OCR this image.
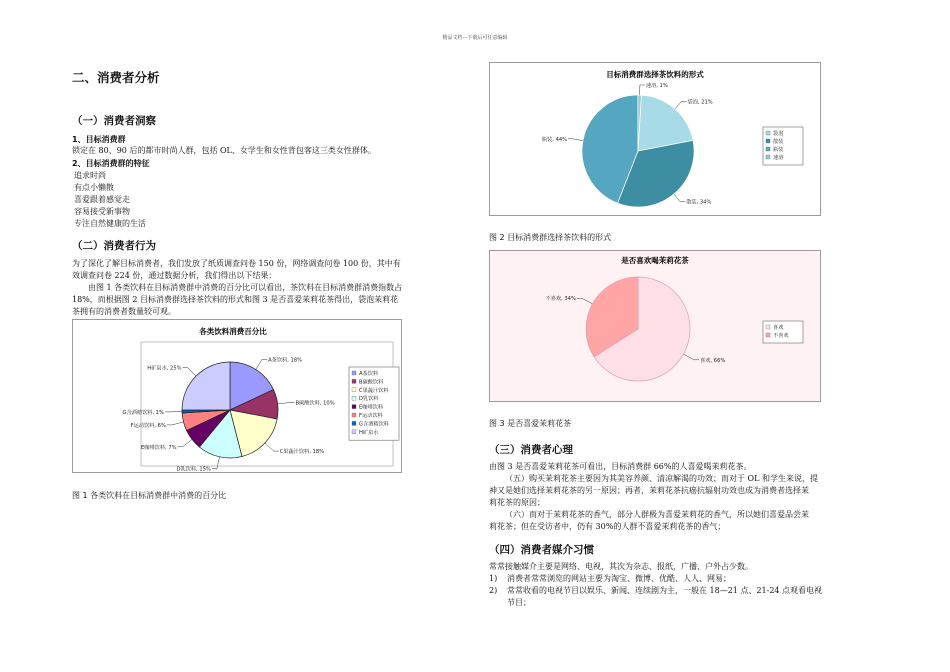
精品文档---下载后可任意编辑
二、消费者分析
（一）消费者洞察
1、目标消费群
锁定在 80、90 后的都市时尚人群，包括 OL、女学生和女性背包客这三类女性群体。
2、目标消费群的特征
追求时尚
有点小懒散
喜爱跟着感觉走
容易接受新事物
专注自然健康的生活
（二）消费者行为
为了深化了解目标消费者，我们发放了纸质调查问卷 150 份，网络调查问卷 100 份，其中有
效调查问卷 224 份，通过数据分析，我们得出以下结果：
由图 1 各类饮料在目标消费群中消费的百分比可以看出，茶饮料在目标消费群消费指数占
18%，而根据图 2 目标消费群选择茶饮料的形式和图 3 是否喜爱茉莉花茶得出，袋泡茉莉花
茶拥有的消费者数量较可观。
各类饮料消费百分比
A茶饮料, 18%
B碳酸饮料, 10%
C果蔬汁饮料, 18%
D乳饮料, 15%
E咖啡饮料, 7%
F运动饮料, 6%
G含酒精饮料, 1%
H矿泉水, 25%
A茶饮料
B碳酸饮料
C果蔬汁饮料
D乳饮料
E咖啡饮料
F运动饮料
G含酒精饮料
H矿泉水
图 1 各类饮料在目标消费群中消费的百分比
目标消费群选择茶饮料的形式
袋泡, 21%
散装, 34%
瓶装, 44%
速溶, 1%
袋泡
散装
瓶装
速溶
图 2 目标消费群选择茶饮料的形式
是否喜欢喝茉莉花茶
喜欢, 66%
不喜欢, 34%
喜欢
不喜欢
图 3 是否喜爱茉莉花茶
（三）消费者心理
由图 3 是否喜爱茉莉花茶可看出，目标消费群 66%的人喜爱喝茉莉花茶。
（五）购买茉莉花茶主要因为其美容养颜、清凉解渴的功效；而对于 OL 和学生来说，提
神又是她们选择茉莉花茶的另一原因；再者，茉莉花茶抗癌抗辐射功效也成为消费者选择茉
莉花茶的原因；
（六）而对于茉莉花茶的香气，部分人群极为喜爱茉莉花的香气，所以她们喜爱品尝茉
莉花茶；但在受访者中，仍有 30%的人群不喜爱茉莉花茶的香气；
（四）消费者媒介习惯
常常接触媒介主要是网络、电视，其次为杂志、报纸，广播、户外占少数。
1)	消费者常常浏览的网站主要为淘宝、微博、优酷、人人、网易；
2)	常常收看的电视节目以娱乐、新闻、连续剧为主，一般在 18—21 点、21-24 点观看电视
节目；
